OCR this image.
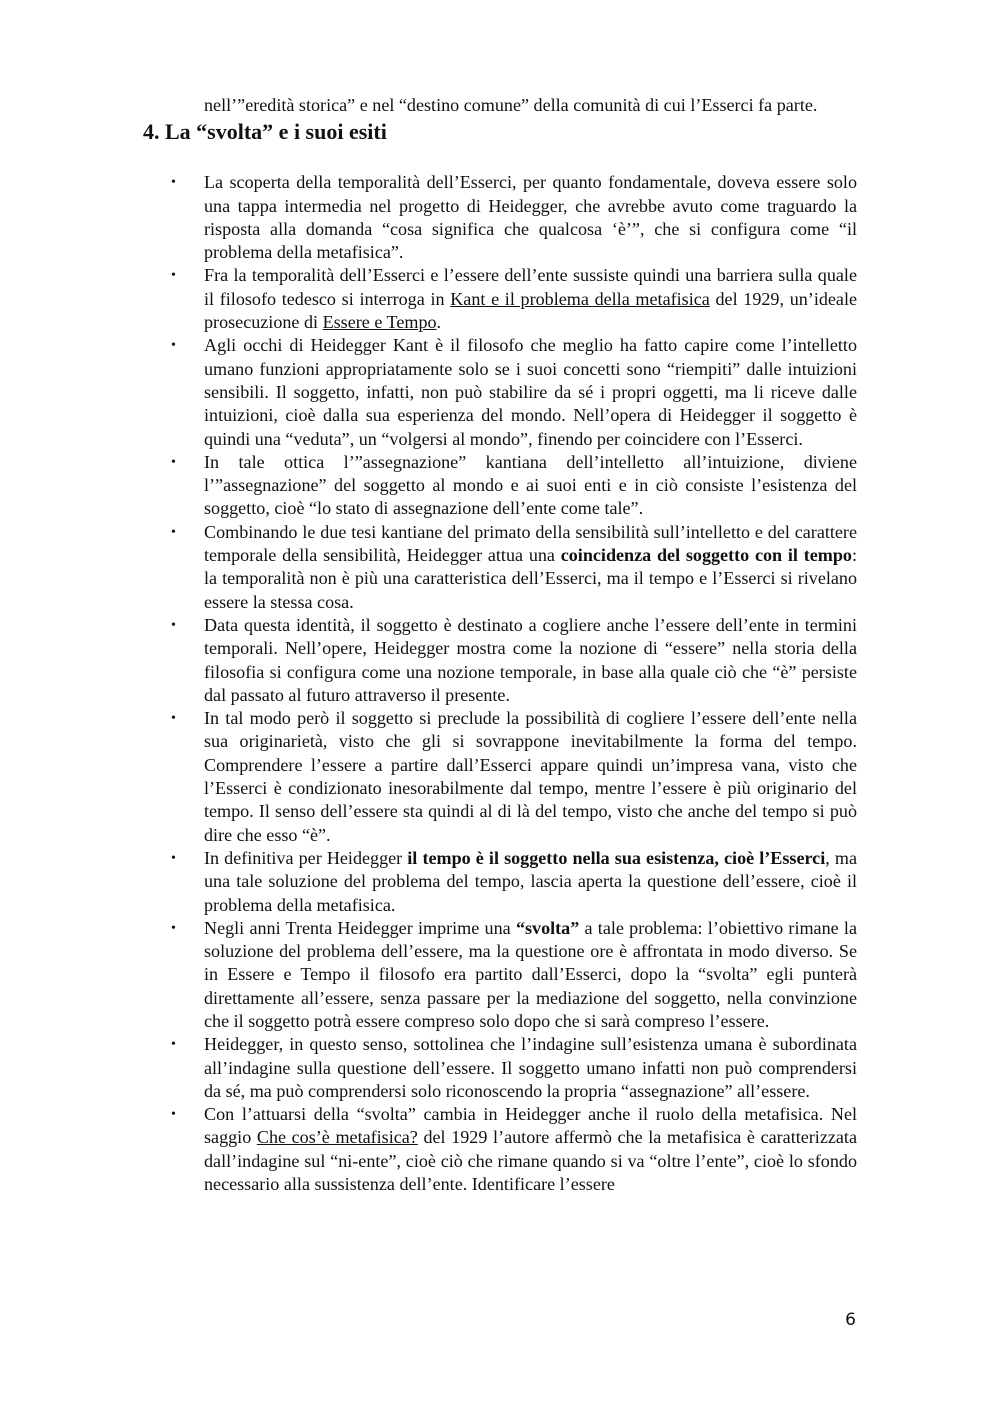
nell’”eredità storica” e nel “destino comune” della comunità di cui l’Esserci fa parte.

4. La “svolta” e i suoi esiti
• La scoperta della temporalità dell’Esserci, per quanto fondamentale, doveva essere solo una tappa intermedia nel progetto di Heidegger, che avrebbe avuto come traguardo la risposta alla domanda “cosa significa che qualcosa ‘è’”, che si configura come “il problema della metafisica”.
• Fra la temporalità dell’Esserci e l’essere dell’ente sussiste quindi una barriera sulla quale il filosofo tedesco si interroga in Kant e il problema della metafisica del 1929, un’ideale prosecuzione di Essere e Tempo.
• Agli occhi di Heidegger Kant è il filosofo che meglio ha fatto capire come l’intelletto umano funzioni appropriatamente solo se i suoi concetti sono “riempiti” dalle intuizioni sensibili. Il soggetto, infatti, non può stabilire da sé i propri oggetti, ma li riceve dalle intuizioni, cioè dalla sua esperienza del mondo. Nell’opera di Heidegger il soggetto è quindi una “veduta”, un “volgersi al mondo”, finendo per coincidere con l’Esserci.
• In tale ottica l’”assegnazione” kantiana dell’intelletto all’intuizione, diviene l’”assegnazione” del soggetto al mondo e ai suoi enti e in ciò consiste l’esistenza del soggetto, cioè “lo stato di assegnazione dell’ente come tale”.
• Combinando le due tesi kantiane del primato della sensibilità sull’intelletto e del carattere temporale della sensibilità, Heidegger attua una coincidenza del soggetto con il tempo: la temporalità non è più una caratteristica dell’Esserci, ma il tempo e l’Esserci si rivelano essere la stessa cosa.
• Data questa identità, il soggetto è destinato a cogliere anche l’essere dell’ente in termini temporali. Nell’opere, Heidegger mostra come la nozione di “essere” nella storia della filosofia si configura come una nozione temporale, in base alla quale ciò che “è” persiste dal passato al futuro attraverso il presente.
• In tal modo però il soggetto si preclude la possibilità di cogliere l’essere dell’ente nella sua originarietà, visto che gli si sovrappone inevitabilmente la forma del tempo. Comprendere l’essere a partire dall’Esserci appare quindi un’impresa vana, visto che l’Esserci è condizionato inesorabilmente dal tempo, mentre l’essere è più originario del tempo. Il senso dell’essere sta quindi al di là del tempo, visto che anche del tempo si può dire che esso “è”.
• In definitiva per Heidegger il tempo è il soggetto nella sua esistenza, cioè l’Esserci, ma una tale soluzione del problema del tempo, lascia aperta la questione dell’essere, cioè il problema della metafisica.
• Negli anni Trenta Heidegger imprime una “svolta” a tale problema: l’obiettivo rimane la soluzione del problema dell’essere, ma la questione ore è affrontata in modo diverso. Se in Essere e Tempo il filosofo era partito dall’Esserci, dopo la “svolta” egli punterà direttamente all’essere, senza passare per la mediazione del soggetto, nella convinzione che il soggetto potrà essere compreso solo dopo che si sarà compreso l’essere.
• Heidegger, in questo senso, sottolinea che l’indagine sull’esistenza umana è subordinata all’indagine sulla questione dell’essere. Il soggetto umano infatti non può comprendersi da sé, ma può comprendersi solo riconoscendo la propria “assegnazione” all’essere.
• Con l’attuarsi della “svolta” cambia in Heidegger anche il ruolo della metafisica. Nel saggio Che cos’è metafisica? del 1929 l’autore affermò che la metafisica è caratterizzata dall’indagine sul “ni-ente”, cioè ciò che rimane quando si va “oltre l’ente”, cioè lo sfondo necessario alla sussistenza dell’ente. Identificare l’essere
6
